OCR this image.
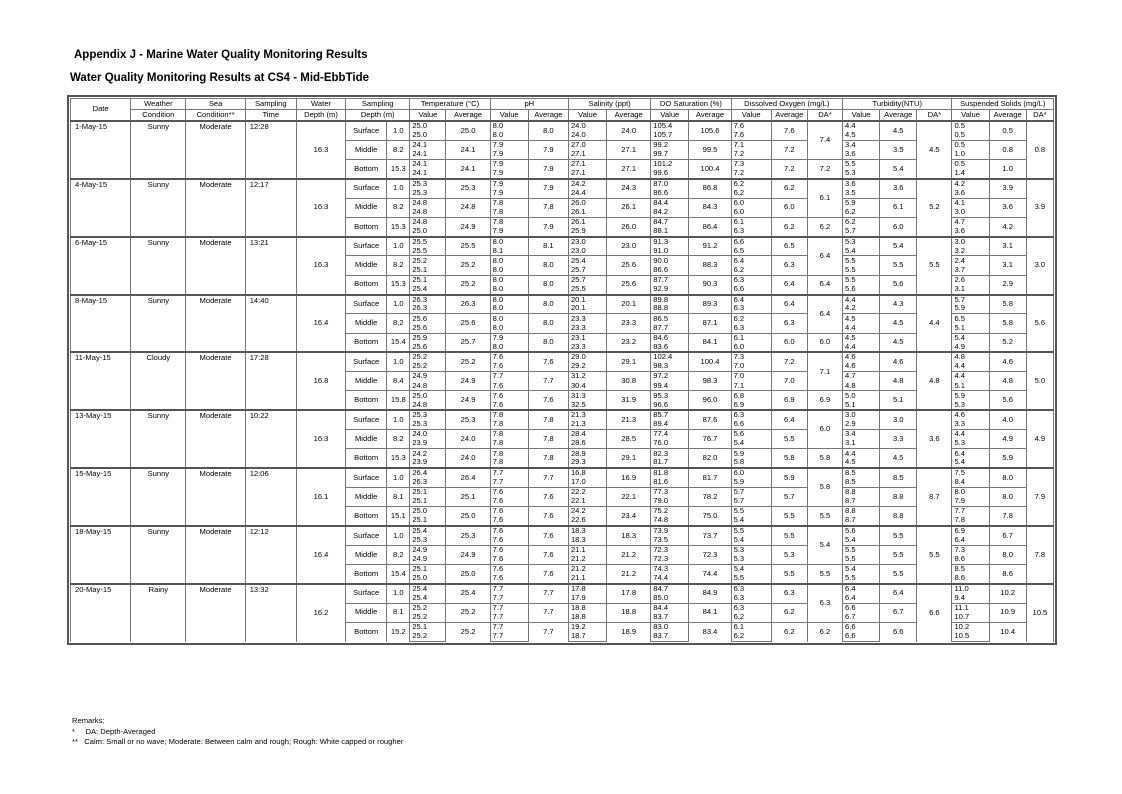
Appendix J - Marine Water Quality Monitoring Results
Water Quality Monitoring Results at CS4 - Mid-EbbTide
Date	Weather	Sea	Sampling	Water	Sampling		Temperature (°C)		pH		Salinity (ppt)		DO Saturation (%)		Dissolved Oxygen (mg/L)			Turbidity(NTU)			Suspended Solids (mg/L)		
	Condition	Condition**	Time	Depth (m)	Depth (m)		Value	Average	Value	Average	Value	Average	Value	Average	Value	Average	DA*	Value	Average	DA*	Value	Average	DA*
1-May-15	Sunny	Moderate	12:28	16.3	Surface	1.0	25.0	25.0	8.0	8.0	24.0	24.0	105.4	105.6	7.6	7.6	7.4	4.4	4.5	4.5	0.5	0.5	0.8
							25.0		8.0		24.0		105.7		7.6			4.5			0.5		
					Middle	8.2	24.1	24.1	7.9	7.9	27.0	27.1	99.2	99.5	7.1	7.2		3.4	3.5		0.5	0.8	
							24.1		7.9		27.1		99.7		7.2			3.6			1.0		
					Bottom	15.3	24.1	24.1	7.9	7.9	27.1	27.1	101.2	100.4	7.3	7.2	7.2	5.5	5.4		0.5	1.0	
							24.1		7.9		27.1		99.6		7.2			5.3			1.4		
4-May-15	Sunny	Moderate	12:17	16.3	Surface	1.0	25.3	25.3	7.9	7.9	24.2	24.3	87.0	86.8	6.2	6.2	6.1	3.6	3.6	5.2	4.2	3.9	3.9
							25.3		7.9		24.4		86.6		6.2			3.5			3.6		
					Middle	8.2	24.8	24.8	7.8	7.8	26.0	26.1	84.4	84.3	6.0	6.0		5.9	6.1		4.1	3.6	
							24.8		7.8		26.1		84.2		6.0			6.2			3.0		
					Bottom	15.3	24.8	24.9	7.8	7.9	26.1	26.0	84.7	86.4	6.1	6.2	6.2	6.2	6.0		4.7	4.2	
							25.0		7.9		25.9		88.1		6.3			5.7			3.6		
6-May-15	Sunny	Moderate	13:21	16.3	Surface	1.0	25.5	25.5	8.0	8.1	23.0	23.0	91.3	91.2	6.6	6.5	6.4	5.3	5.4	5.5	3.0	3.1	3.0
							25.5		8.1		23.0		91.0		6.5			5.4			3.2		
					Middle	8.2	25.2	25.2	8.0	8.0	25.4	25.6	90.0	88.3	6.4	6.3		5.5	5.5		2.4	3.1	
							25.1		8.0		25.7		86.6		6.2			5.5			3.7		
					Bottom	15.3	25.1	25.2	8.0	8.0	25.7	25.6	87.7	90.3	6.3	6.4	6.4	5.5	5.6		2.6	2.9	
							25.4		8.0		25.5		92.9		6.6			5.6			3.1		
8-May-15	Sunny	Moderate	14:40	16.4	Surface	1.0	26.3	26.3	8.0	8.0	20.1	20.1	89.8	89.3	6.4	6.4	6.4	4.4	4.3	4.4	5.7	5.8	5.6
							26.3		8.0		20.1		88.8		6.3			4.2			5.9		
					Middle	8.2	25.6	25.6	8.0	8.0	23.3	23.3	86.5	87.1	6.2	6.3		4.5	4.5		6.5	5.8	
							25.6		8.0		23.3		87.7		6.3			4.4			5.1		
					Bottom	15.4	25.9	25.7	7.9	8.0	23.1	23.2	84.6	84.1	6.1	6.0	6.0	4.5	4.5		5.4	5.2	
							25.6		8.0		23.3		83.6		6.0			4.4			4.9		
11-May-15	Cloudy	Moderate	17:28	16.8	Surface	1.0	25.2	25.2	7.6	7.6	29.0	29.1	102.4	100.4	7.3	7.2	7.1	4.6	4.6	4.8	4.8	4.6	5.0
							25.2		7.6		29.2		98.3		7.0			4.6			4.4		
					Middle	8.4	24.9	24.9	7.7	7.7	31.2	30.8	97.2	98.3	7.0	7.0		4.7	4.8		4.4	4.8	
							24.8		7.6		30.4		99.4		7.1			4.8			5.1		
					Bottom	15.8	25.0	24.9	7.6	7.6	31.3	31.9	95.3	96.0	6.8	6.9	6.9	5.0	5.1		5.9	5.6	
							24.8		7.6		32.5		96.6		6.9			5.1			5.3		
13-May-15	Sunny	Moderate	10:22	16.3	Surface	1.0	25.3	25.3	7.8	7.8	21.3	21.3	85.7	87.6	6.3	6.4	6.0	3.0	3.0	3.6	4.6	4.0	4.9
							25.3		7.8		21.3		89.4		6.6			2.9			3.3		
					Middle	8.2	24.0	24.0	7.8	7.8	28.4	28.5	77.4	76.7	5.6	5.5		3.4	3.3		4.4	4.9	
							23.9		7.8		28.6		76.0		5.4			3.1			5.3		
					Bottom	15.3	24.2	24.0	7.8	7.8	28.9	29.1	82.3	82.0	5.9	5.8	5.8	4.4	4.5		6.4	5.9	
							23.9		7.8		29.3		81.7		5.8			4.5			5.4		
15-May-15	Sunny	Moderate	12:06	16.1	Surface	1.0	26.4	26.4	7.7	7.7	16.8	16.9	81.8	81.7	6.0	5.9	5.8	8.5	8.5	8.7	7.5	8.0	7.9
							26.3		7.7		17.0		81.6		5.9			8.5			8.4		
					Middle	8.1	25.1	25.1	7.6	7.6	22.2	22.1	77.3	78.2	5.7	5.7		8.8	8.8		8.0	8.0	
							25.1		7.6		22.1		79.0		5.7			8.7			7.9		
					Bottom	15.1	25.0	25.0	7.6	7.6	24.2	23.4	75.2	75.0	5.5	5.5	5.5	8.8	8.8		7.7	7.8	
							25.1		7.6		22.6		74.8		5.4			8.7			7.8		
18-May-15	Sunny	Moderate	12:12	16.4	Surface	1.0	25.4	25.3	7.6	7.6	18.3	18.3	73.9	73.7	5.5	5.5	5.4	5.6	5.5	5.5	6.9	6.7	7.8
							25.3		7.6		18.3		73.5		5.4			5.4			6.4		
					Middle	8.2	24.9	24.9	7.6	7.6	21.1	21.2	72.3	72.3	5.3	5.3		5.5	5.5		7.3	8.0	
							24.9		7.6		21.2		72.3		5.3			5.5			8.6		
					Bottom	15.4	25.1	25.0	7.6	7.6	21.2	21.2	74.3	74.4	5.4	5.5	5.5	5.4	5.5		8.5	8.6	
							25.0		7.6		21.1		74.4		5.5			5.5			8.6		
20-May-15	Rainy	Moderate	13:32	16.2	Surface	1.0	25.4	25.4	7.7	7.7	17.8	17.8	84.7	84.9	6.3	6.3	6.3	6.4	6.4	6.6	11.0	10.2	10.5
							25.4		7.7		17.9		85.0		6.3			6.4			9.4		
					Middle	8.1	25.2	25.2	7.7	7.7	18.8	18.8	84.4	84.1	6.3	6.2		6.6	6.7		11.1	10.9	
							25.2		7.7		18.8		83.7		6.2			6.7			10.7		
					Bottom	15.2	25.1	25.2	7.7	7.7	19.2	18.9	83.0	83.4	6.1	6.2	6.2	6.6	6.6		10.2	10.4	
							25.2		7.7		18.7		83.7		6.2			6.6			10.5		
Remarks:
*     DA: Depth-Averaged
**   Calm: Small or no wave; Moderate: Between calm and rough; Rough: White capped or rougher
